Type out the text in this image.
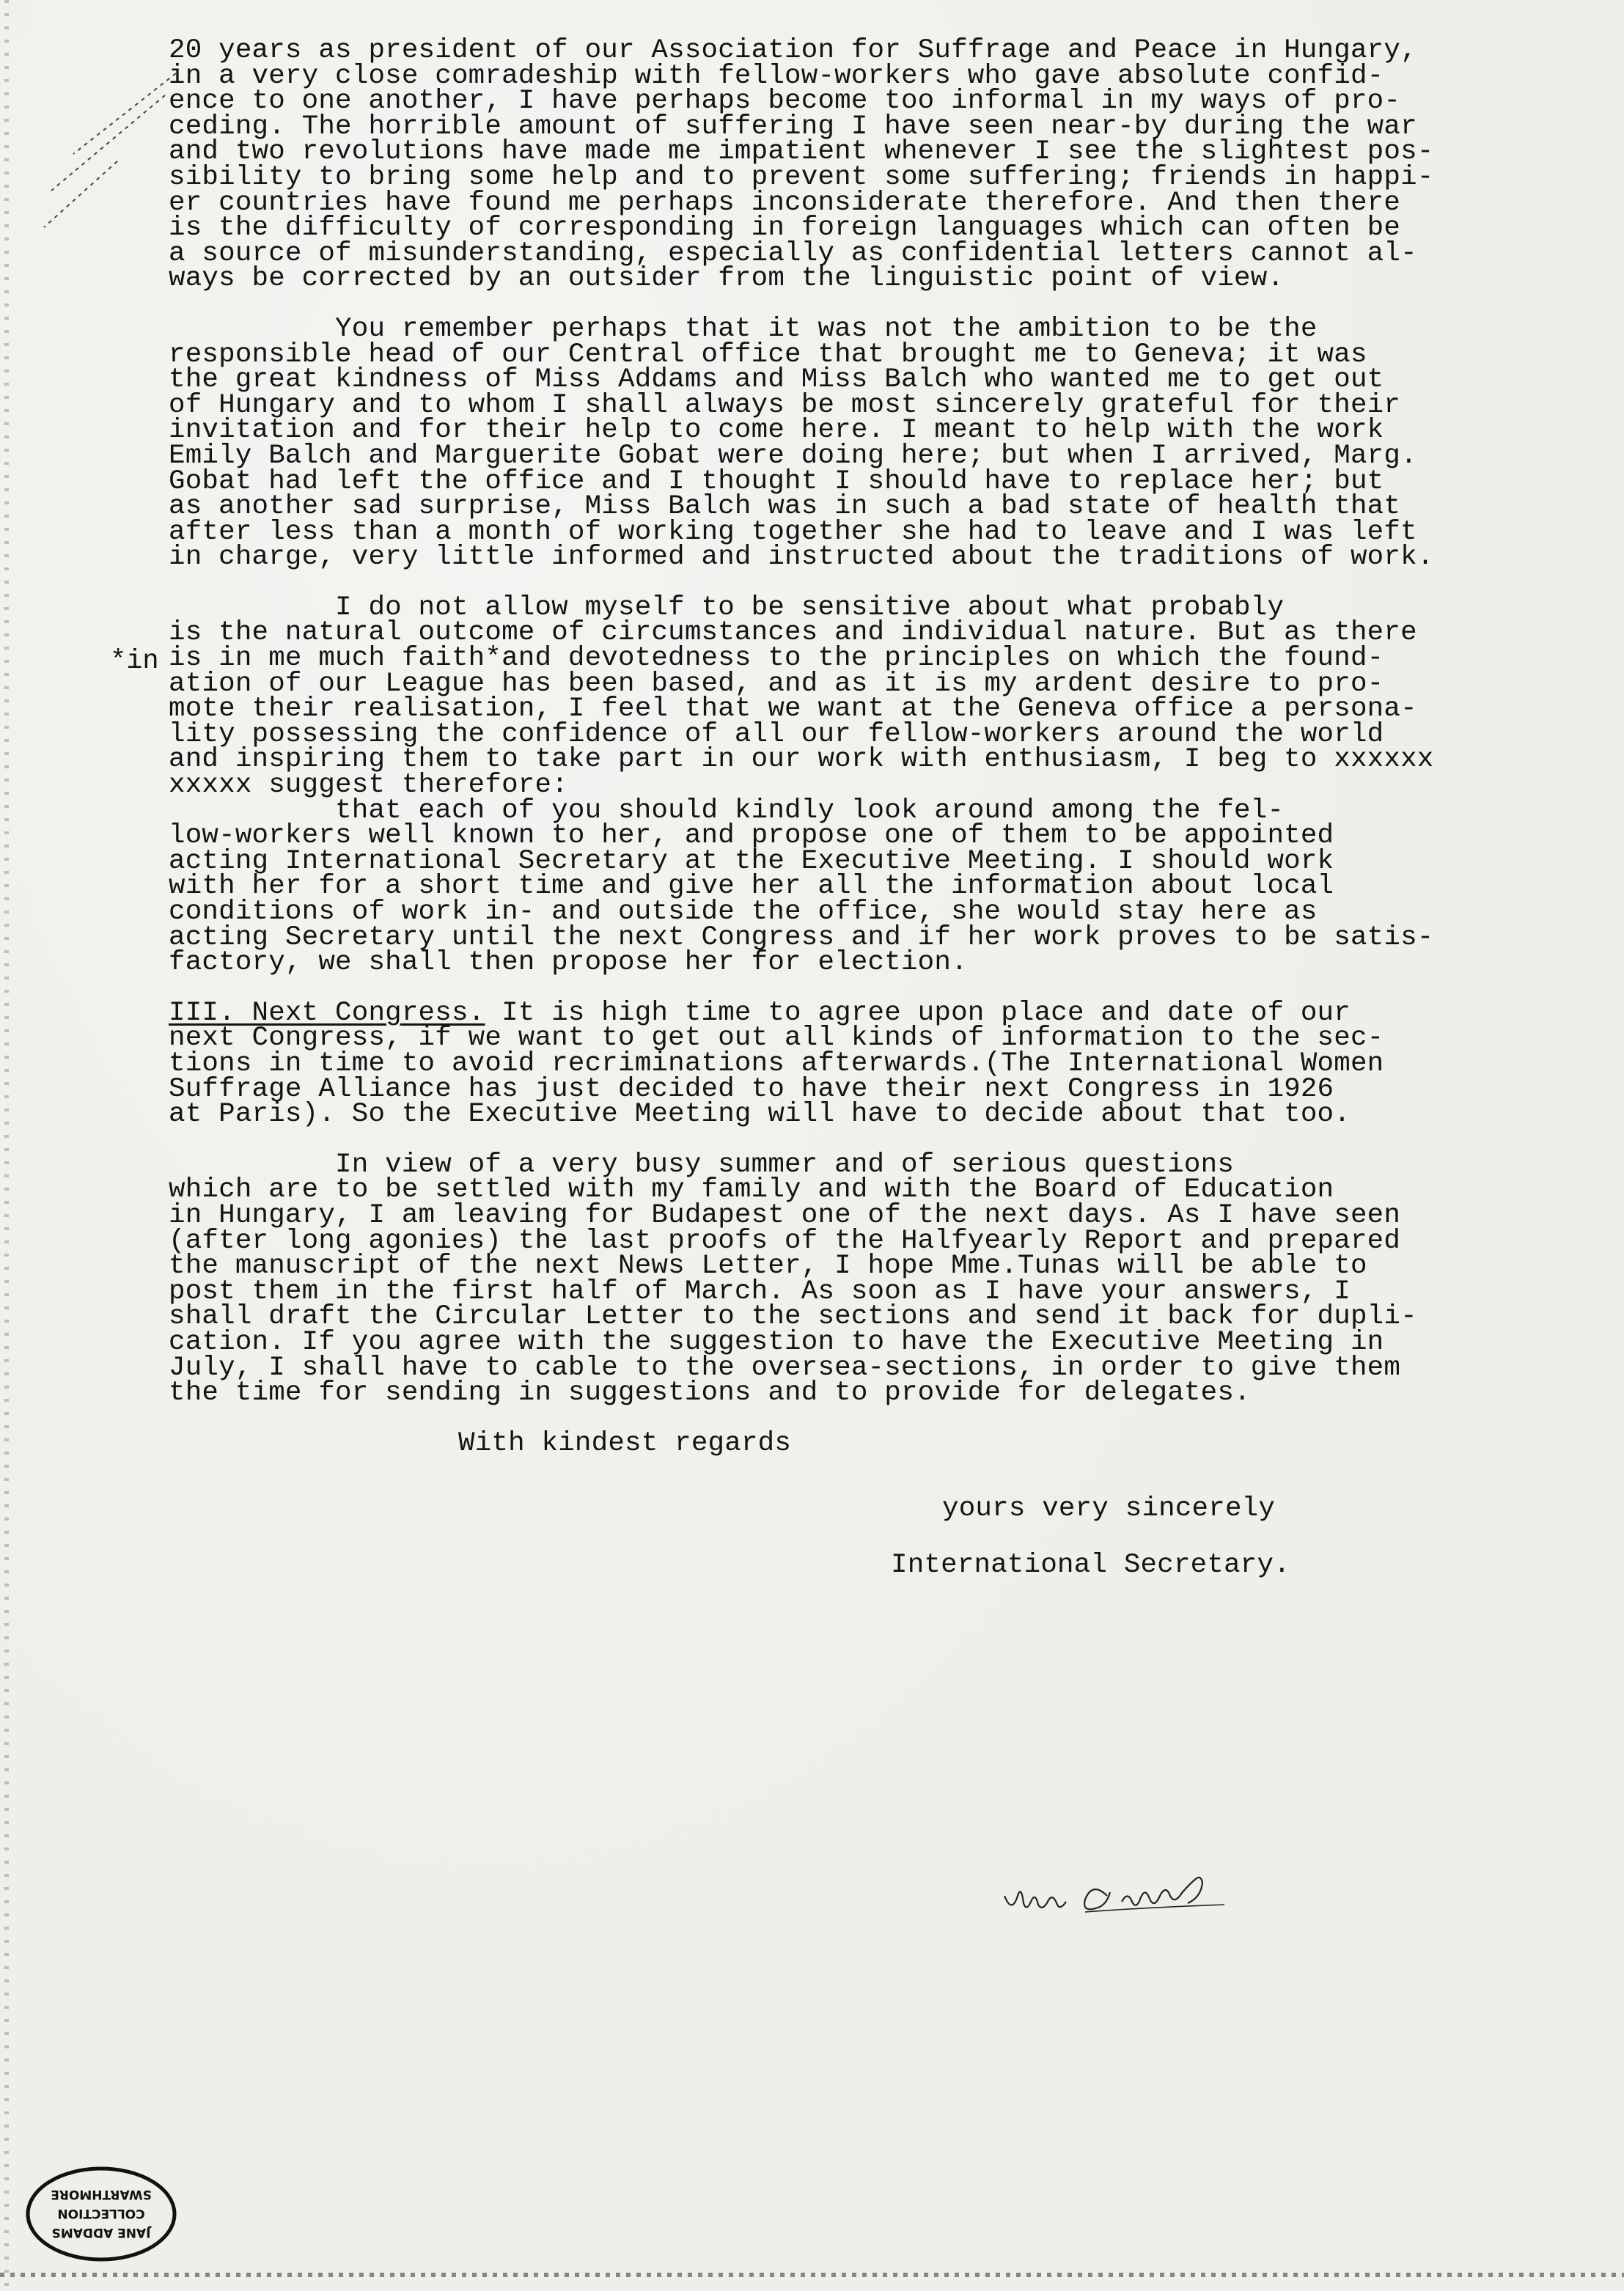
20 years as president of our Association for Suffrage and Peace in Hungary,
in a very close comradeship with fellow-workers who gave absolute confid-
ence to one another, I have perhaps become too informal in my ways of pro-
ceding. The horrible amount of suffering I have seen near-by during the war
and two revolutions have made me impatient whenever I see the slightest pos-
sibility to bring some help and to prevent some suffering; friends in happi-
er countries have found me perhaps inconsiderate therefore. And then there
is the difficulty of corresponding in foreign languages which can often be
a source of misunderstanding, especially as confidential letters cannot al-
ways be corrected by an outsider from the linguistic point of view.
You remember perhaps that it was not the ambition to be the
responsible head of our Central office that brought me to Geneva; it was
the great kindness of Miss Addams and Miss Balch who wanted me to get out
of Hungary and to whom I shall always be most sincerely grateful for their
invitation and for their help to come here. I meant to help with the work
Emily Balch and Marguerite Gobat were doing here; but when I arrived, Marg.
Gobat had left the office and I thought I should have to replace her; but
as another sad surprise, Miss Balch was in such a bad state of health that
after less than a month of working together she had to leave and I was left
in charge, very little informed and instructed about the traditions of work.
I do not allow myself to be sensitive about what probably
is the natural outcome of circumstances and individual nature. But as there
is in me much faith*and devotedness to the principles on which the found-
ation of our League has been based, and as it is my ardent desire to pro-
mote their realisation, I feel that we want at the Geneva office a persona-
lity possessing the confidence of all our fellow-workers around the world
and inspiring them to take part in our work with enthusiasm, I beg to xxxxxx
xxxxx suggest therefore:
that each of you should kindly look around among the fel-
low-workers well known to her, and propose one of them to be appointed
acting International Secretary at the Executive Meeting. I should work
with her for a short time and give her all the information about local
conditions of work in- and outside the office, she would stay here as
acting Secretary until the next Congress and if her work proves to be satis-
factory, we shall then propose her for election.
III. Next Congress. It is high time to agree upon place and date of our
next Congress, if we want to get out all kinds of information to the sec-
tions in time to avoid recriminations afterwards.(The International Women
Suffrage Alliance has just decided to have their next Congress in 1926
at Paris). So the Executive Meeting will have to decide about that too.
In view of a very busy summer and of serious questions
which are to be settled with my family and with the Board of Education
in Hungary, I am leaving for Budapest one of the next days. As I have seen
(after long agonies) the last proofs of the Halfyearly Report and prepared
the manuscript of the next News Letter, I hope Mme.Tunas will be able to
post them in the first half of March. As soon as I have your answers, I
shall draft the Circular Letter to the sections and send it back for dupli-
cation. If you agree with the suggestion to have the Executive Meeting in
July, I shall have to cable to the oversea-sections, in order to give them
the time for sending in suggestions and to provide for delegates.
With kindest regards
yours very sincerely
International Secretary.
*in
JANE ADDAMS
COLLECTION
SWARTHMORE
